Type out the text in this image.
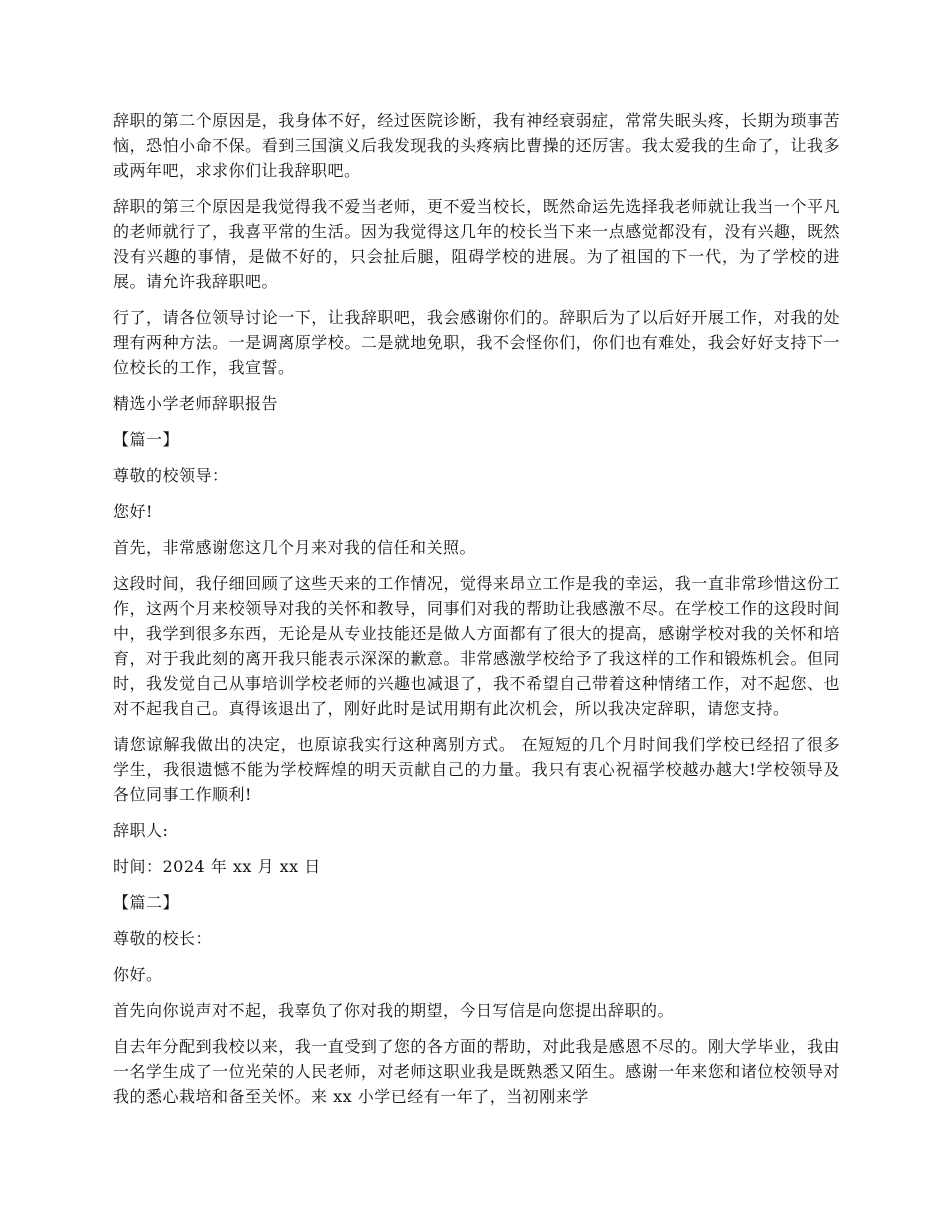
辞职的第二个原因是，我身体不好，经过医院诊断，我有神经衰弱症，常常失眠头疼，长期为琐事苦恼，恐怕小命不保。看到三国演义后我发现我的头疼病比曹操的还厉害。我太爱我的生命了，让我多或两年吧，求求你们让我辞职吧。

辞职的第三个原因是我觉得我不爱当老师，更不爱当校长，既然命运先选择我老师就让我当一个平凡的老师就行了，我喜平常的生活。因为我觉得这几年的校长当下来一点感觉都没有，没有兴趣，既然没有兴趣的事情，是做不好的，只会扯后腿，阻碍学校的进展。为了祖国的下一代，为了学校的进展。请允许我辞职吧。

行了，请各位领导讨论一下，让我辞职吧，我会感谢你们的。辞职后为了以后好开展工作，对我的处理有两种方法。一是调离原学校。二是就地免职，我不会怪你们，你们也有难处，我会好好支持下一位校长的工作，我宣誓。

精选小学老师辞职报告

【篇一】

尊敬的校领导：

您好!

首先，非常感谢您这几个月来对我的信任和关照。

这段时间，我仔细回顾了这些天来的工作情况，觉得来昂立工作是我的幸运，我一直非常珍惜这份工作，这两个月来校领导对我的关怀和教导，同事们对我的帮助让我感激不尽。在学校工作的这段时间中，我学到很多东西，无论是从专业技能还是做人方面都有了很大的提高，感谢学校对我的关怀和培育，对于我此刻的离开我只能表示深深的歉意。非常感激学校给予了我这样的工作和锻炼机会。但同时，我发觉自己从事培训学校老师的兴趣也减退了，我不希望自己带着这种情绪工作，对不起您、也对不起我自己。真得该退出了，刚好此时是试用期有此次机会，所以我决定辞职，请您支持。

请您谅解我做出的决定，也原谅我实行这种离别方式。 在短短的几个月时间我们学校已经招了很多学生，我很遗憾不能为学校辉煌的明天贡献自己的力量。我只有衷心祝福学校越办越大!学校领导及各位同事工作顺利!

辞职人:

时间：2024 年 xx 月 xx 日

【篇二】

尊敬的校长：

你好。

首先向你说声对不起，我辜负了你对我的期望，今日写信是向您提出辞职的。

自去年分配到我校以来，我一直受到了您的各方面的帮助，对此我是感恩不尽的。刚大学毕业，我由一名学生成了一位光荣的人民老师，对老师这职业我是既熟悉又陌生。感谢一年来您和诸位校领导对我的悉心栽培和备至关怀。来 xx 小学已经有一年了，当初刚来学
